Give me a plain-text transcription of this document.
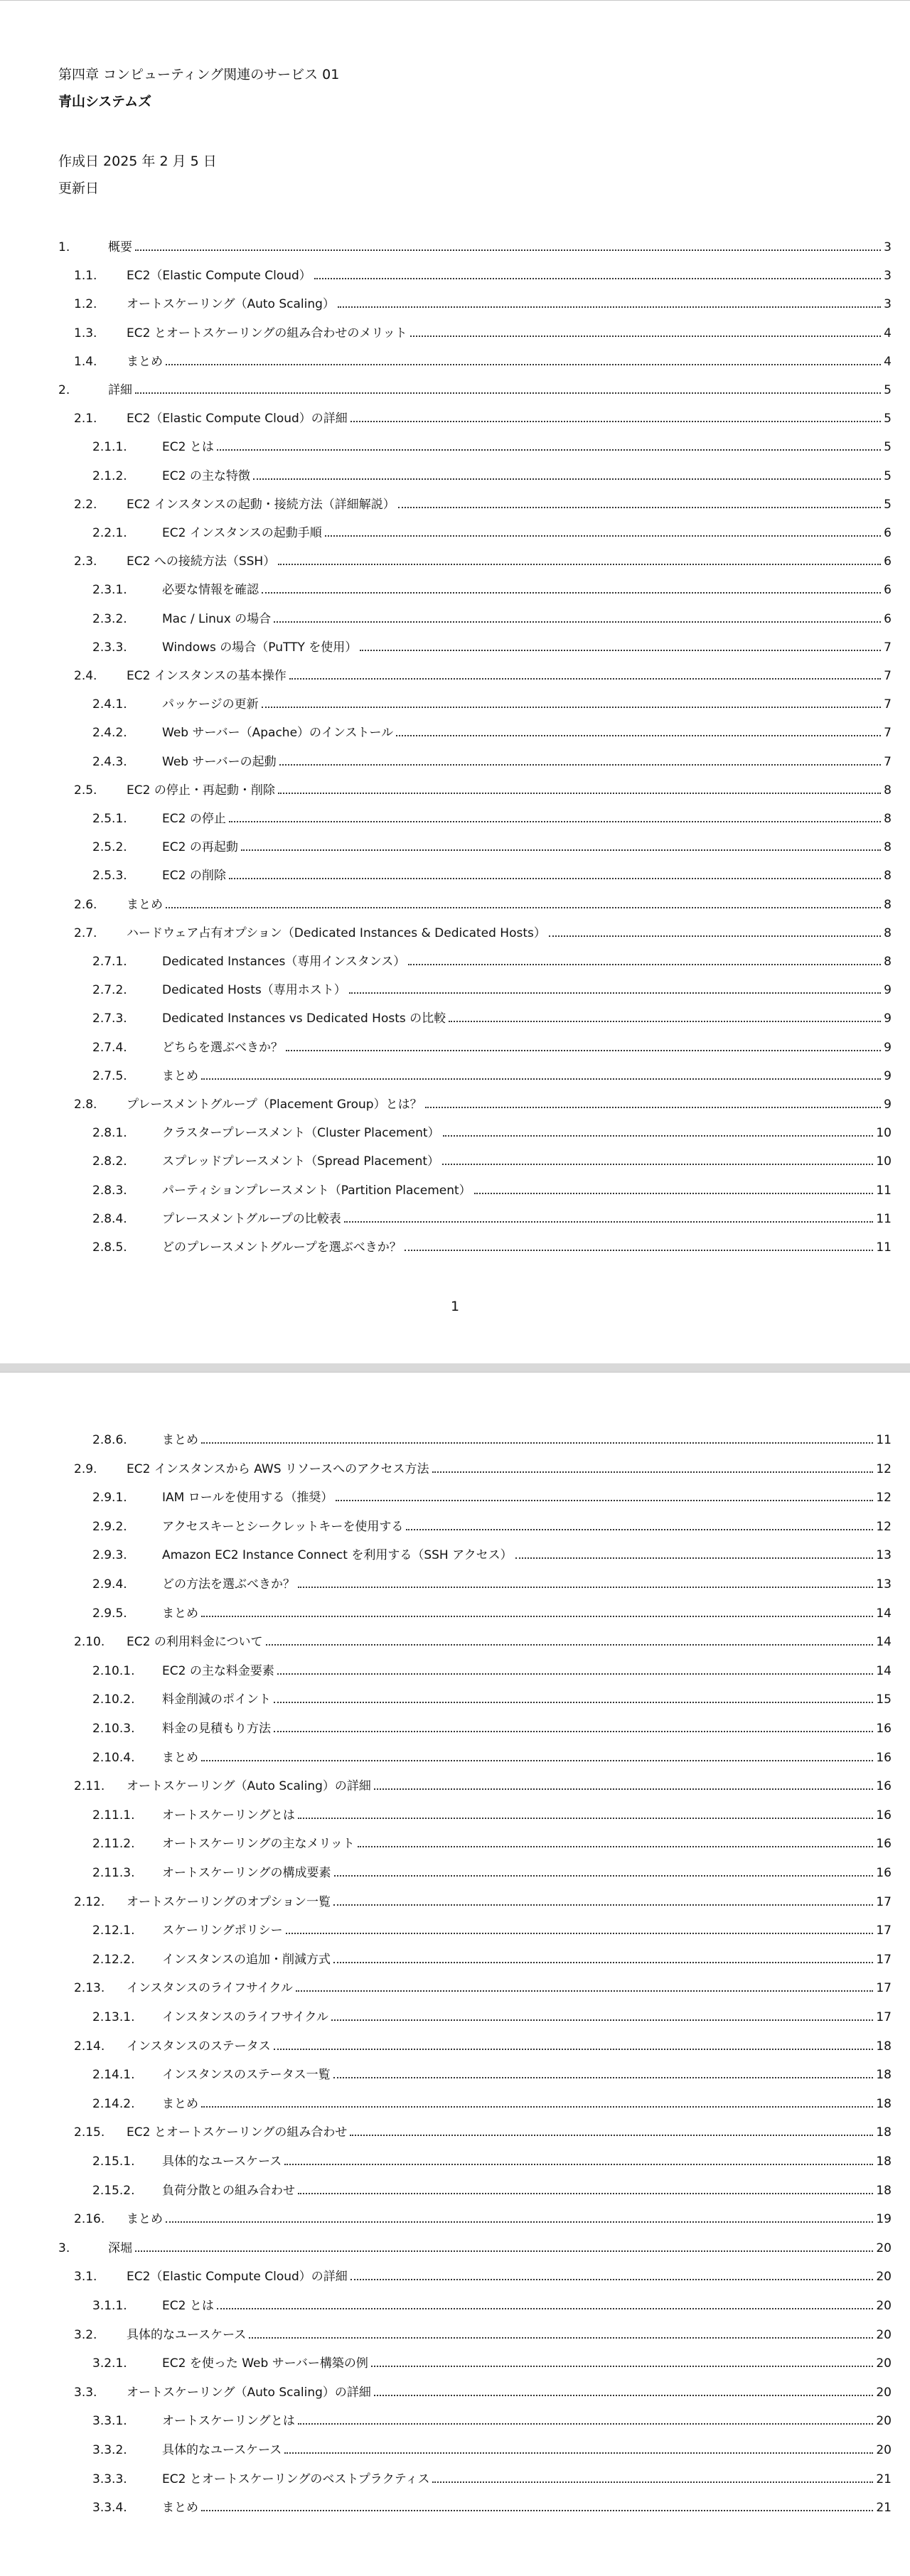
第四章 コンピューティング関連のサービス 01
青山システムズ
作成日 2025 年 2 月 5 日
更新日
1.	概要	3
1.1.	EC2（Elastic Compute Cloud）	3
1.2.	オートスケーリング（Auto Scaling）	3
1.3.	EC2 とオートスケーリングの組み合わせのメリット	4
1.4.	まとめ	4
2.	詳細	5
2.1.	EC2（Elastic Compute Cloud）の詳細	5
2.1.1.	EC2 とは	5
2.1.2.	EC2 の主な特徴	5
2.2.	EC2 インスタンスの起動・接続方法（詳細解説）	5
2.2.1.	EC2 インスタンスの起動手順	6
2.3.	EC2 への接続方法（SSH）	6
2.3.1.	必要な情報を確認	6
2.3.2.	Mac / Linux の場合	6
2.3.3.	Windows の場合（PuTTY を使用）	7
2.4.	EC2 インスタンスの基本操作	7
2.4.1.	パッケージの更新	7
2.4.2.	Web サーバー（Apache）のインストール	7
2.4.3.	Web サーバーの起動	7
2.5.	EC2 の停止・再起動・削除	8
2.5.1.	EC2 の停止	8
2.5.2.	EC2 の再起動	8
2.5.3.	EC2 の削除	8
2.6.	まとめ	8
2.7.	ハードウェア占有オプション（Dedicated Instances & Dedicated Hosts）	8
2.7.1.	Dedicated Instances（専用インスタンス）	8
2.7.2.	Dedicated Hosts（専用ホスト）	9
2.7.3.	Dedicated Instances vs Dedicated Hosts の比較	9
2.7.4.	どちらを選ぶべきか？	9
2.7.5.	まとめ	9
2.8.	プレースメントグループ（Placement Group）とは？	9
2.8.1.	クラスタープレースメント（Cluster Placement）	10
2.8.2.	スプレッドプレースメント（Spread Placement）	10
2.8.3.	パーティションプレースメント（Partition Placement）	11
2.8.4.	プレースメントグループの比較表	11
2.8.5.	どのプレースメントグループを選ぶべきか？	11
1
2.8.6.	まとめ	11
2.9.	EC2 インスタンスから AWS リソースへのアクセス方法	12
2.9.1.	IAM ロールを使用する（推奨）	12
2.9.2.	アクセスキーとシークレットキーを使用する	12
2.9.3.	Amazon EC2 Instance Connect を利用する（SSH アクセス）	13
2.9.4.	どの方法を選ぶべきか？	13
2.9.5.	まとめ	14
2.10.	EC2 の利用料金について	14
2.10.1.	EC2 の主な料金要素	14
2.10.2.	料金削減のポイント	15
2.10.3.	料金の見積もり方法	16
2.10.4.	まとめ	16
2.11.	オートスケーリング（Auto Scaling）の詳細	16
2.11.1.	オートスケーリングとは	16
2.11.2.	オートスケーリングの主なメリット	16
2.11.3.	オートスケーリングの構成要素	16
2.12.	オートスケーリングのオプション一覧	17
2.12.1.	スケーリングポリシー	17
2.12.2.	インスタンスの追加・削減方式	17
2.13.	インスタンスのライフサイクル	17
2.13.1.	インスタンスのライフサイクル	17
2.14.	インスタンスのステータス	18
2.14.1.	インスタンスのステータス一覧	18
2.14.2.	まとめ	18
2.15.	EC2 とオートスケーリングの組み合わせ	18
2.15.1.	具体的なユースケース	18
2.15.2.	負荷分散との組み合わせ	18
2.16.	まとめ	19
3.	深堀	20
3.1.	EC2（Elastic Compute Cloud）の詳細	20
3.1.1.	EC2 とは	20
3.2.	具体的なユースケース	20
3.2.1.	EC2 を使った Web サーバー構築の例	20
3.3.	オートスケーリング（Auto Scaling）の詳細	20
3.3.1.	オートスケーリングとは	20
3.3.2.	具体的なユースケース	20
3.3.3.	EC2 とオートスケーリングのベストプラクティス	21
3.3.4.	まとめ	21
